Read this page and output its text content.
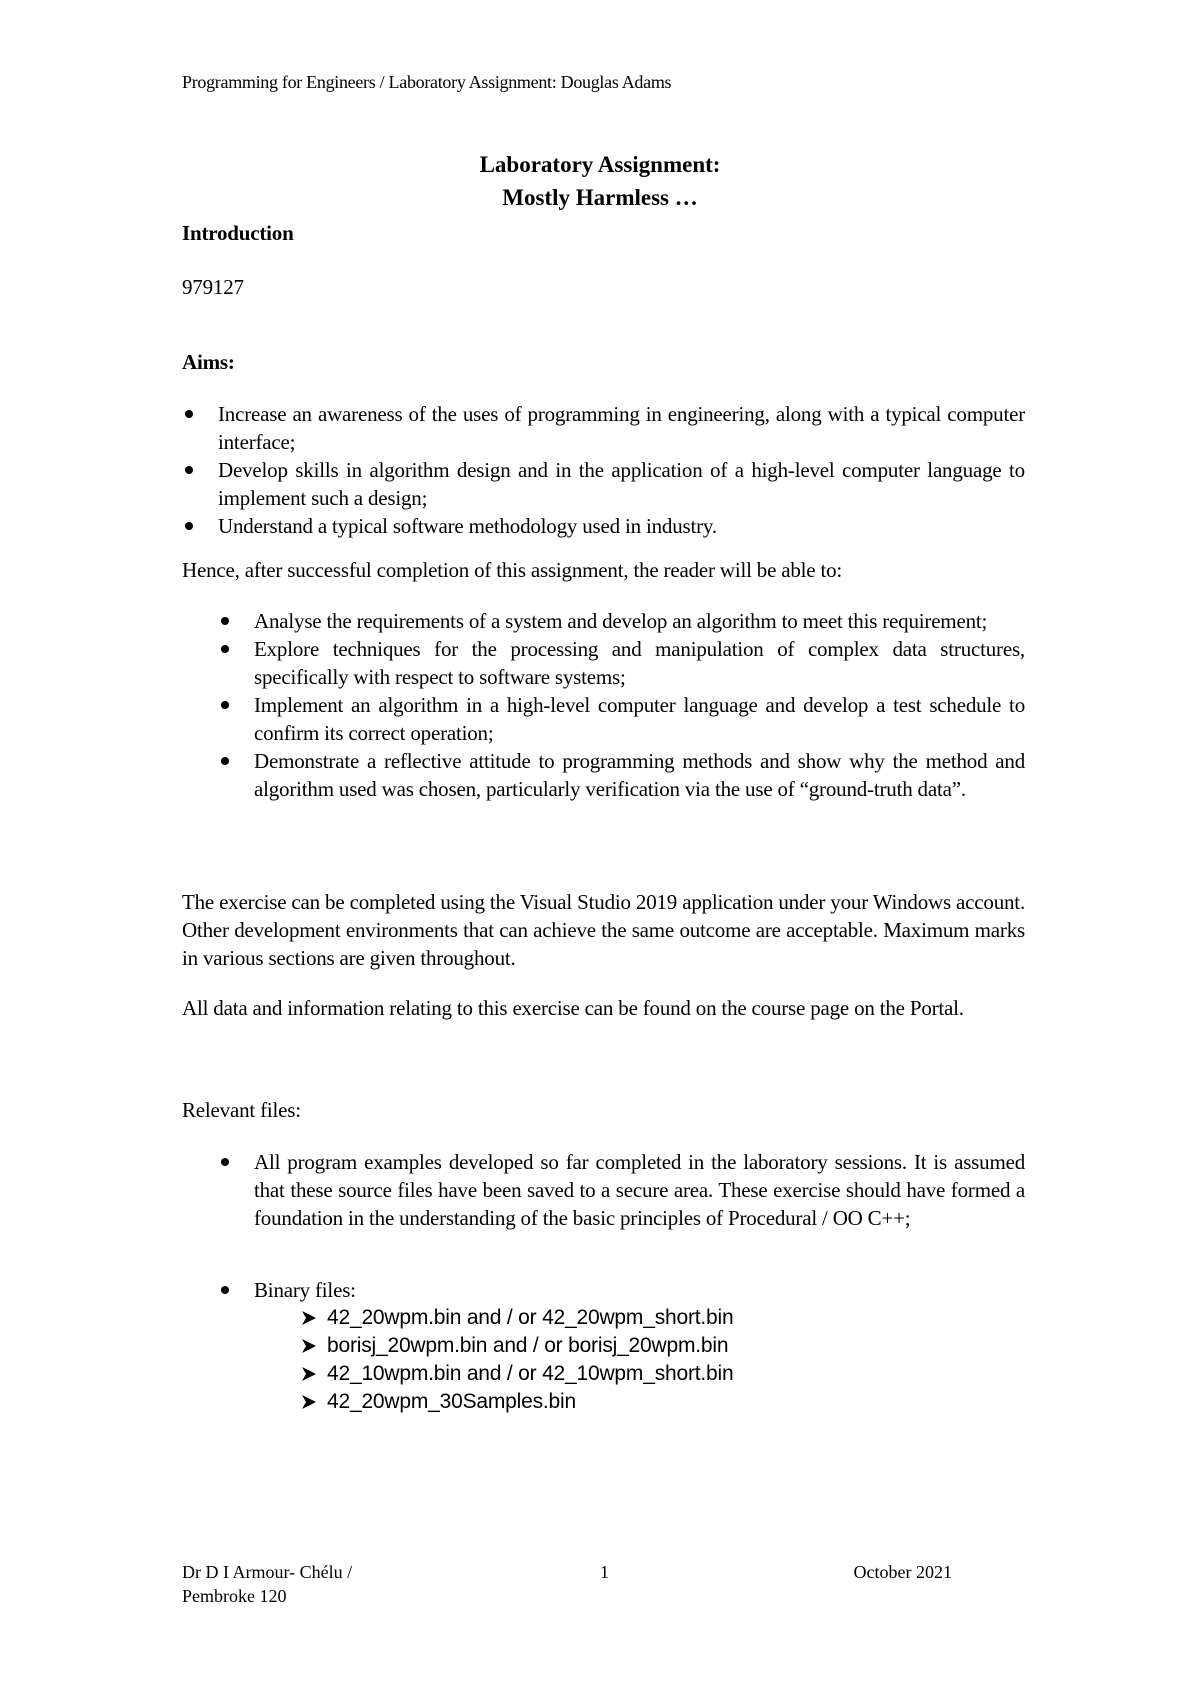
Programming for Engineers / Laboratory Assignment: Douglas Adams
Laboratory Assignment:
Mostly Harmless …
Introduction
979127
Aims:
Increase an awareness of the uses of programming in engineering, along with a typical computer interface;
Develop skills in algorithm design and in the application of a high-level computer language to implement such a design;
Understand a typical software methodology used in industry.
Hence, after successful completion of this assignment, the reader will be able to:
Analyse the requirements of a system and develop an algorithm to meet this requirement;
Explore techniques for the processing and manipulation of complex data structures, specifically with respect to software systems;
Implement an algorithm in a high-level computer language and develop a test schedule to confirm its correct operation;
Demonstrate a reflective attitude to programming methods and show why the method and algorithm used was chosen, particularly verification via the use of “ground-truth data”.
The exercise can be completed using the Visual Studio 2019 application under your Windows account. Other development environments that can achieve the same outcome are acceptable. Maximum marks in various sections are given throughout.
All data and information relating to this exercise can be found on the course page on the Portal.
Relevant files:
All program examples developed so far completed in the laboratory sessions. It is assumed that these source files have been saved to a secure area. These exercise should have formed a foundation in the understanding of the basic principles of Procedural / OO C++;
Binary files:
42_20wpm.bin and / or 42_20wpm_short.bin
borisj_20wpm.bin and / or borisj_20wpm.bin
42_10wpm.bin and / or 42_10wpm_short.bin
42_20wpm_30Samples.bin
Dr D I Armour- Chélu /
Pembroke 120
1	October 2021
